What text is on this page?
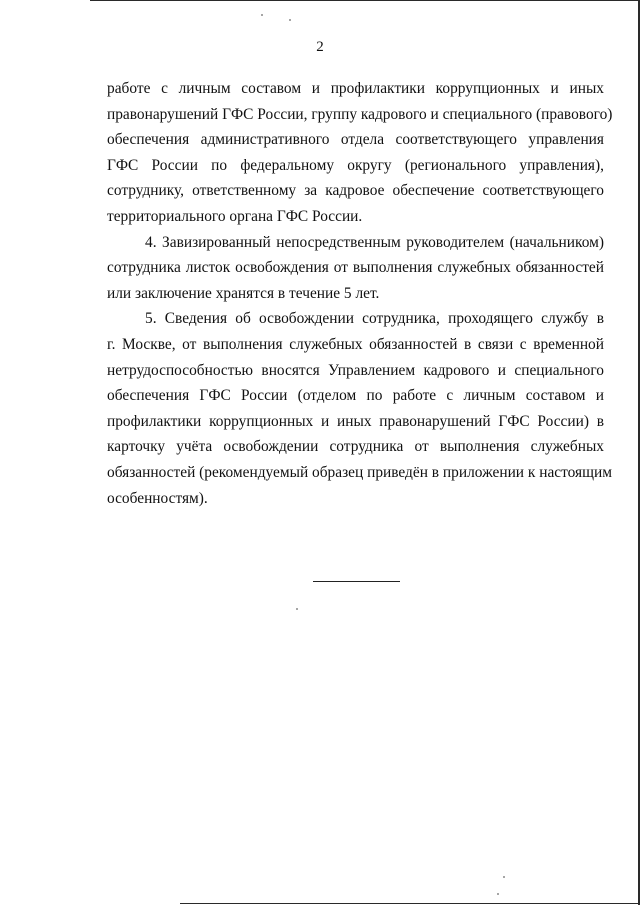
2

работе с личным составом и профилактики коррупционных и иных
правонарушений ГФС России, группу кадрового и специального (правового)
обеспечения административного отдела соответствующего управления
ГФС России по федеральному округу (регионального управления),
сотруднику, ответственному за кадровое обеспечение соответствующего
территориального органа ГФС России.

4. Завизированный непосредственным руководителем (начальником)
сотрудника листок освобождения от выполнения служебных обязанностей
или заключение хранятся в течение 5 лет.

5. Сведения об освобождении сотрудника, проходящего службу в
г. Москве, от выполнения служебных обязанностей в связи с временной
нетрудоспособностью вносятся Управлением кадрового и специального
обеспечения ГФС России (отделом по работе с личным составом и
профилактики коррупционных и иных правонарушений ГФС России) в
карточку учёта освобождении сотрудника от выполнения служебных
обязанностей (рекомендуемый образец приведён в приложении к настоящим
особенностям).
